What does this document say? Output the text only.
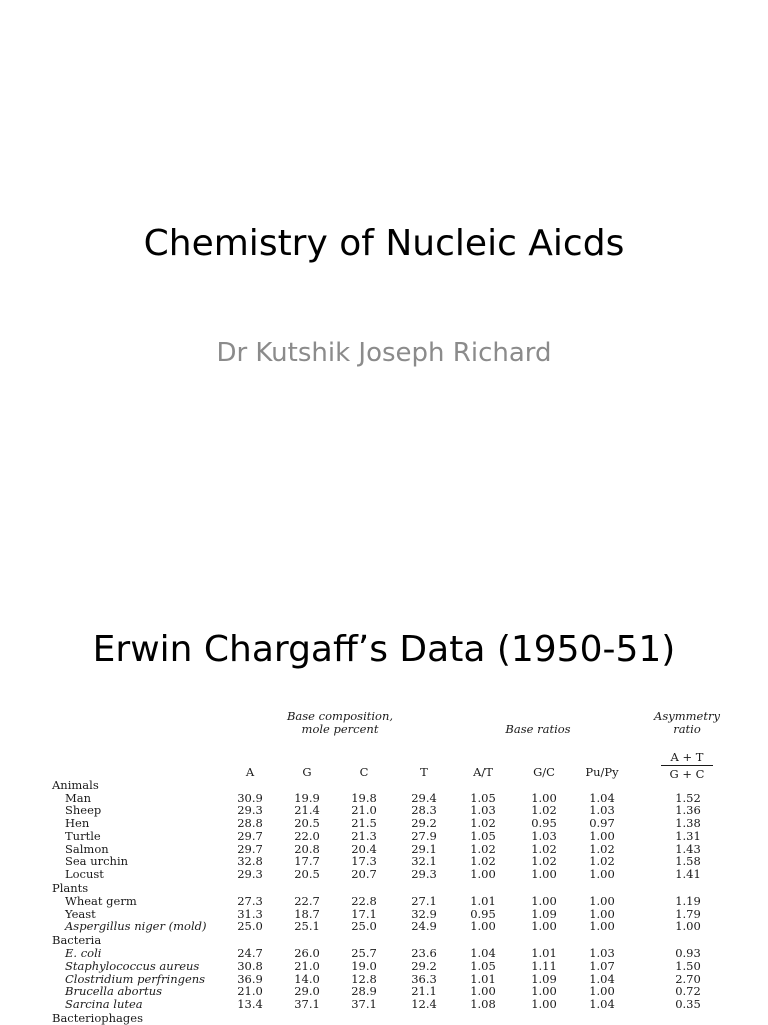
Chemistry of Nucleic Aicds
Dr Kutshik Joseph Richard
Erwin Chargaff’s Data (1950-51)
Base composition,
mole percent	Base ratios
Asymmetry
ratio
A + T
G + C
A	G	C	T	A/T	G/C	Pu/Py
Animals
Man	30.9	19.9	19.8	29.4	1.05	1.00	1.04	1.52
Sheep	29.3	21.4	21.0	28.3	1.03	1.02	1.03	1.36
Hen	28.8	20.5	21.5	29.2	1.02	0.95	0.97	1.38
Turtle	29.7	22.0	21.3	27.9	1.05	1.03	1.00	1.31
Salmon	29.7	20.8	20.4	29.1	1.02	1.02	1.02	1.43
Sea urchin	32.8	17.7	17.3	32.1	1.02	1.02	1.02	1.58
Locust	29.3	20.5	20.7	29.3	1.00	1.00	1.00	1.41
Plants
Wheat germ	27.3	22.7	22.8	27.1	1.01	1.00	1.00	1.19
Yeast	31.3	18.7	17.1	32.9	0.95	1.09	1.00	1.79
Aspergillus niger (mold)	25.0	25.1	25.0	24.9	1.00	1.00	1.00	1.00
Bacteria
E. coli	24.7	26.0	25.7	23.6	1.04	1.01	1.03	0.93
Staphylococcus aureus	30.8	21.0	19.0	29.2	1.05	1.11	1.07	1.50
Clostridium perfringens	36.9	14.0	12.8	36.3	1.01	1.09	1.04	2.70
Brucella abortus	21.0	29.0	28.9	21.1	1.00	1.00	1.00	0.72
Sarcina lutea	13.4	37.1	37.1	12.4	1.08	1.00	1.04	0.35
Bacteriophages
